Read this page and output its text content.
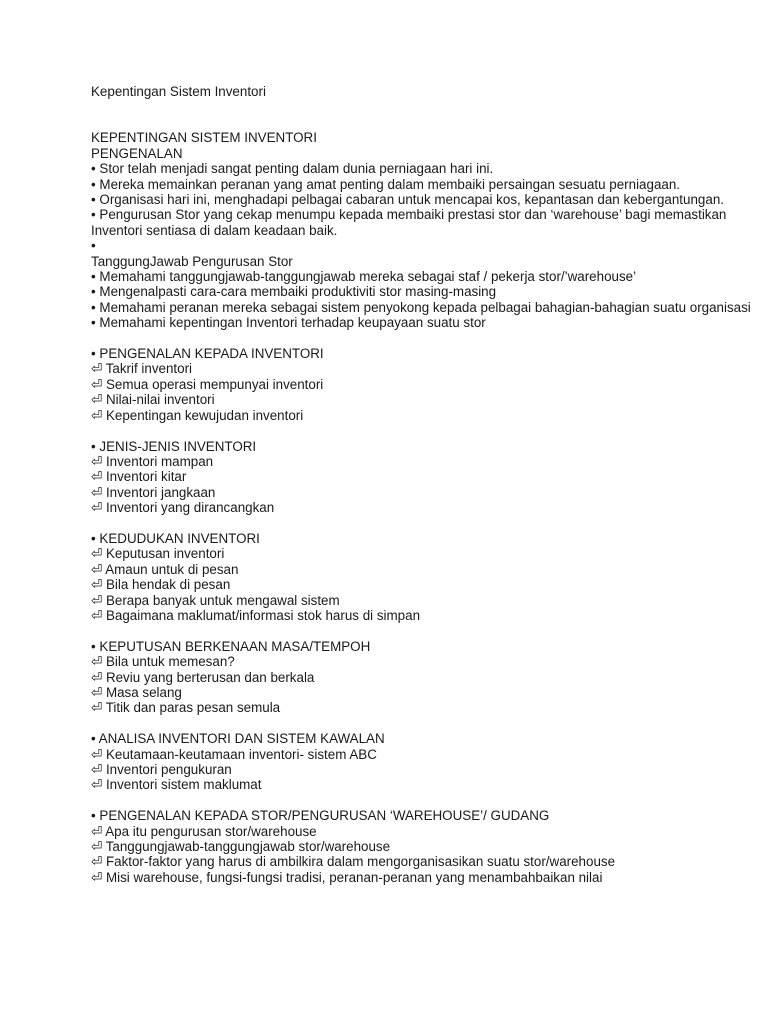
Kepentingan Sistem Inventori
KEPENTINGAN SISTEM INVENTORI
PENGENALAN
• Stor telah menjadi sangat penting dalam dunia perniagaan hari ini.
• Mereka memainkan peranan yang amat penting dalam membaiki persaingan sesuatu perniagaan.
• Organisasi hari ini, menghadapi pelbagai cabaran untuk mencapai kos, kepantasan dan kebergantungan.
• Pengurusan Stor yang cekap menumpu kepada membaiki prestasi stor dan ‘warehouse’ bagi memastikan Inventori sentiasa di dalam keadaan baik.
•
TanggungJawab Pengurusan Stor
• Memahami tanggungjawab-tanggungjawab mereka sebagai staf / pekerja stor/’warehouse’
• Mengenalpasti cara-cara membaiki produktiviti stor masing-masing
• Memahami peranan mereka sebagai sistem penyokong kepada pelbagai bahagian-bahagian suatu organisasi
• Memahami kepentingan Inventori terhadap keupayaan suatu stor
• PENGENALAN KEPADA INVENTORI
⏎ Takrif inventori
⏎ Semua operasi mempunyai inventori
⏎ Nilai-nilai inventori
⏎ Kepentingan kewujudan inventori
• JENIS-JENIS INVENTORI
⏎ Inventori mampan
⏎ Inventori kitar
⏎ Inventori jangkaan
⏎ Inventori yang dirancangkan
• KEDUDUKAN INVENTORI
⏎ Keputusan inventori
⏎ Amaun untuk di pesan
⏎ Bila hendak di pesan
⏎ Berapa banyak untuk mengawal sistem
⏎ Bagaimana maklumat/informasi stok harus di simpan
• KEPUTUSAN BERKENAAN MASA/TEMPOH
⏎ Bila untuk memesan?
⏎ Reviu yang berterusan dan berkala
⏎ Masa selang
⏎ Titik dan paras pesan semula
• ANALISA INVENTORI DAN SISTEM KAWALAN
⏎ Keutamaan-keutamaan inventori- sistem ABC
⏎ Inventori pengukuran
⏎ Inventori sistem maklumat
• PENGENALAN KEPADA STOR/PENGURUSAN ‘WAREHOUSE’/ GUDANG
⏎ Apa itu pengurusan stor/warehouse
⏎ Tanggungjawab-tanggungjawab stor/warehouse
⏎ Faktor-faktor yang harus di ambilkira dalam mengorganisasikan suatu stor/warehouse
⏎ Misi warehouse, fungsi-fungsi tradisi, peranan-peranan yang menambahbaikan nilai
